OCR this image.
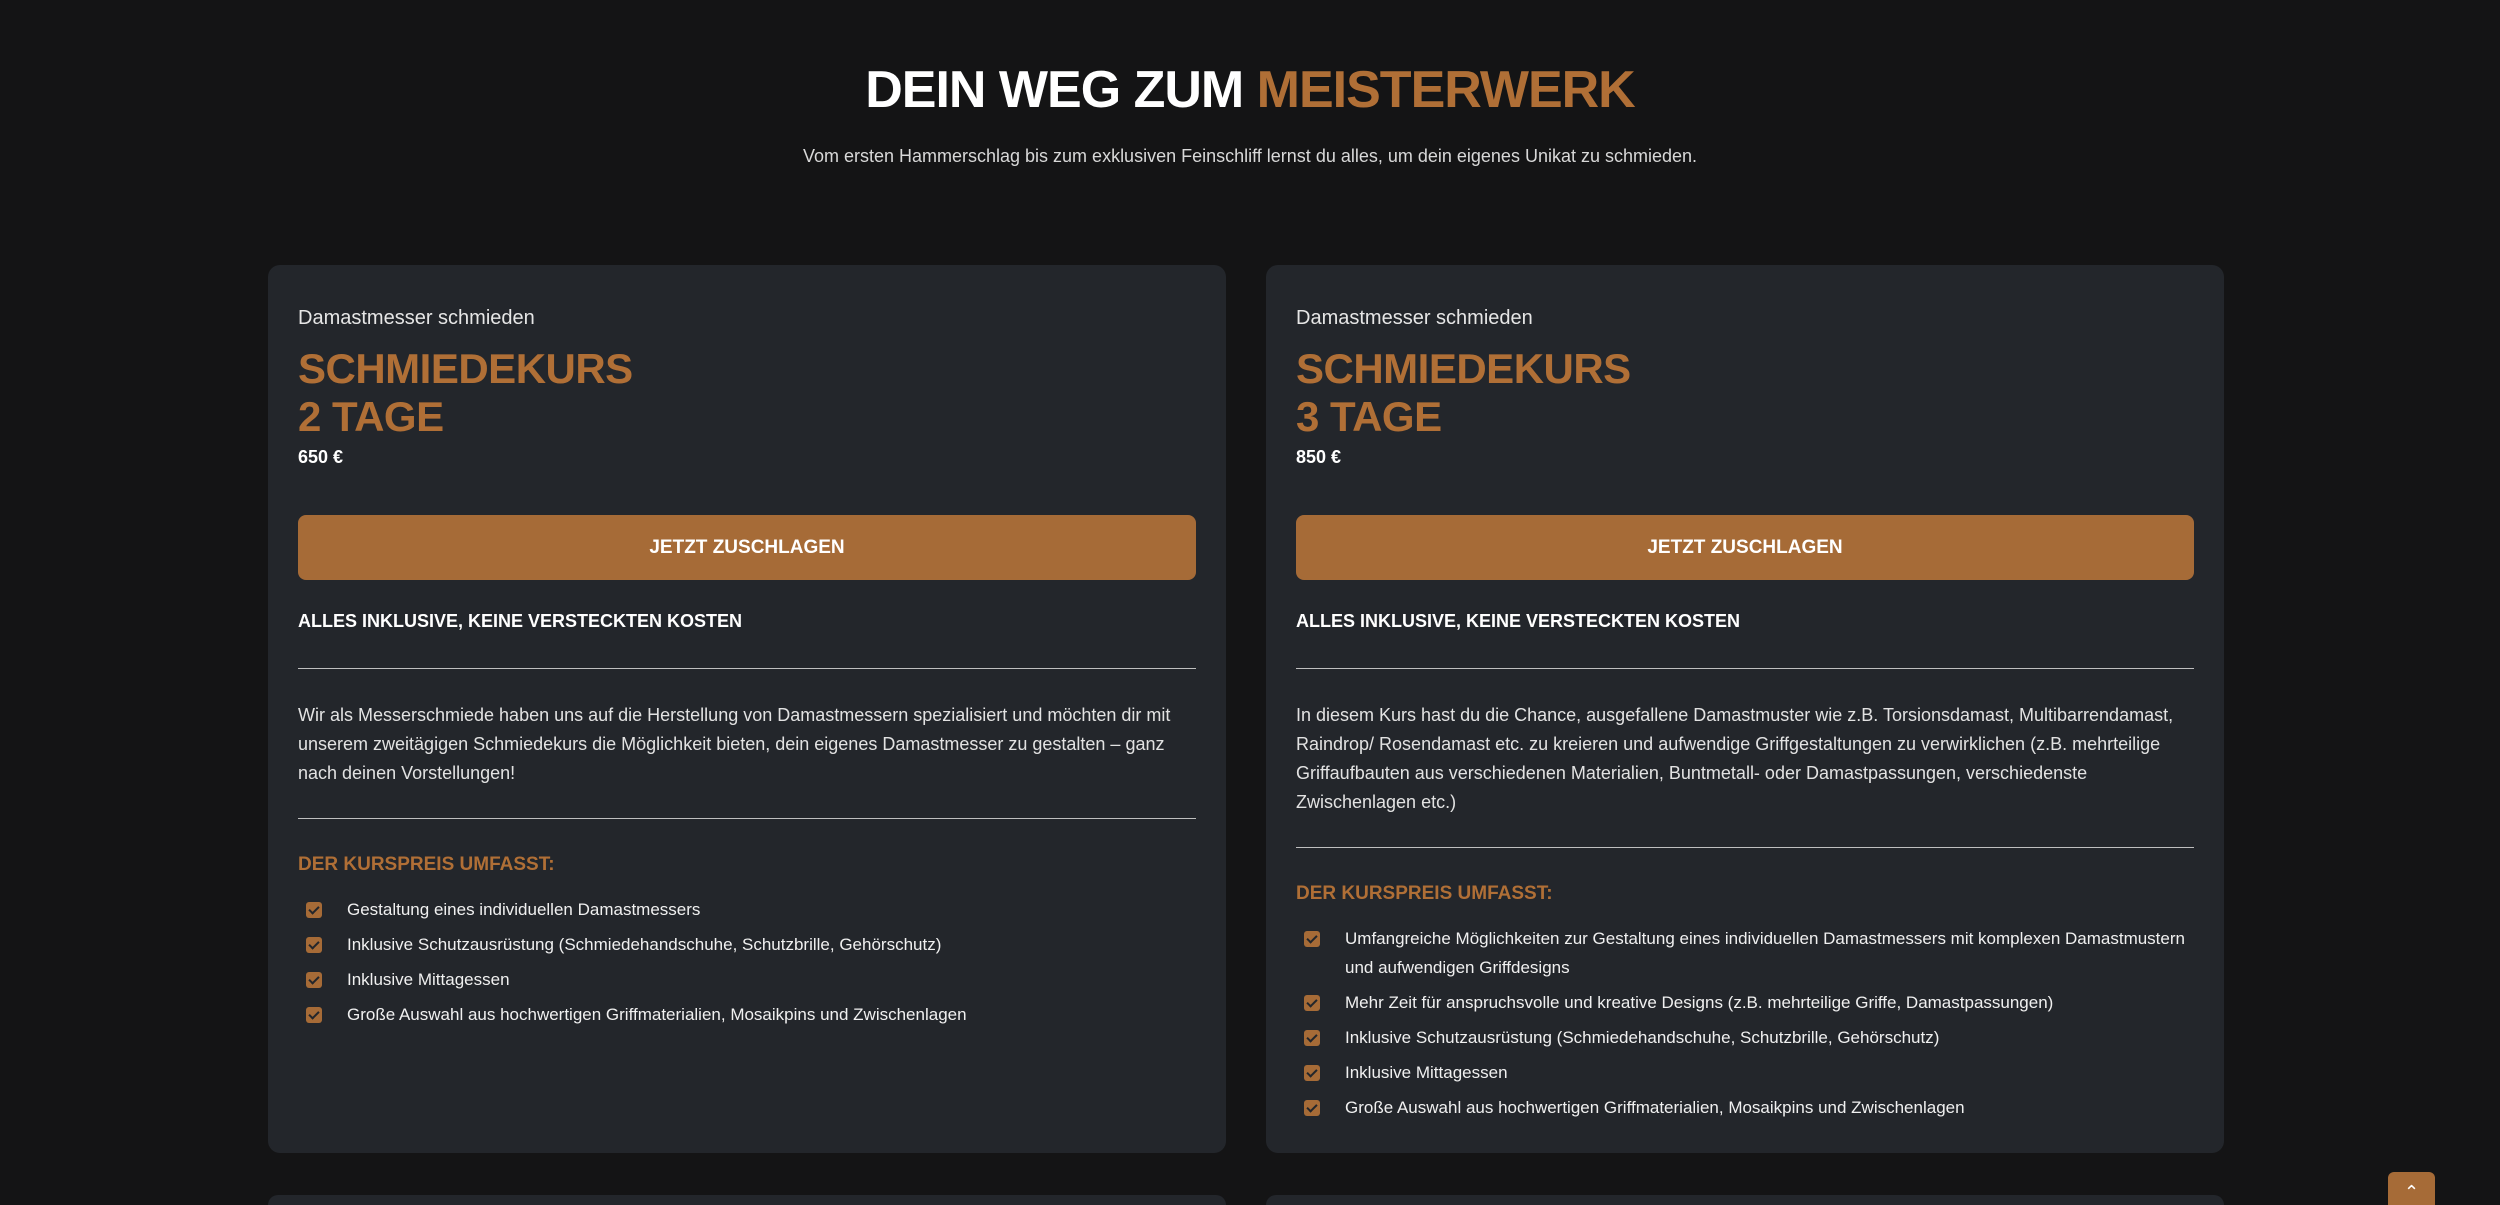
DEIN WEG ZUM MEISTERWERK

Vom ersten Hammerschlag bis zum exklusiven Feinschliff lernst du alles, um dein eigenes Unikat zu schmieden.

Damastmesser schmieden
SCHMIEDEKURS
2 TAGE
650 €
JETZT ZUSCHLAGEN
ALLES INKLUSIVE, KEINE VERSTECKTEN KOSTEN

Wir als Messerschmiede haben uns auf die Herstellung von Damastmessern spezialisiert und möchten dir mit unserem zweitägigen Schmiedekurs die Möglichkeit bieten, dein eigenes Damastmesser zu gestalten – ganz nach deinen Vorstellungen!

DER KURSPREIS UMFASST:
Gestaltung eines individuellen Damastmessers
Inklusive Schutzausrüstung (Schmiedehandschuhe, Schutzbrille, Gehörschutz)
Inklusive Mittagessen
Große Auswahl aus hochwertigen Griffmaterialien, Mosaikpins und Zwischenlagen
Damastmesser schmieden
SCHMIEDEKURS
3 TAGE
850 €
JETZT ZUSCHLAGEN
ALLES INKLUSIVE, KEINE VERSTECKTEN KOSTEN

In diesem Kurs hast du die Chance, ausgefallene Damastmuster wie z.B. Torsionsdamast, Multibarrendamast, Raindrop/ Rosendamast etc. zu kreieren und aufwendige Griffgestaltungen zu verwirklichen (z.B. mehrteilige Griffaufbauten aus verschiedenen Materialien, Buntmetall- oder Damastpassungen, verschiedenste Zwischenlagen etc.)

DER KURSPREIS UMFASST:
Umfangreiche Möglichkeiten zur Gestaltung eines individuellen Damastmessers mit komplexen Damastmustern und aufwendigen Griffdesigns
Mehr Zeit für anspruchsvolle und kreative Designs (z.B. mehrteilige Griffe, Damastpassungen)
Inklusive Schutzausrüstung (Schmiedehandschuhe, Schutzbrille, Gehörschutz)
Inklusive Mittagessen
Große Auswahl aus hochwertigen Griffmaterialien, Mosaikpins und Zwischenlagen
⌃
